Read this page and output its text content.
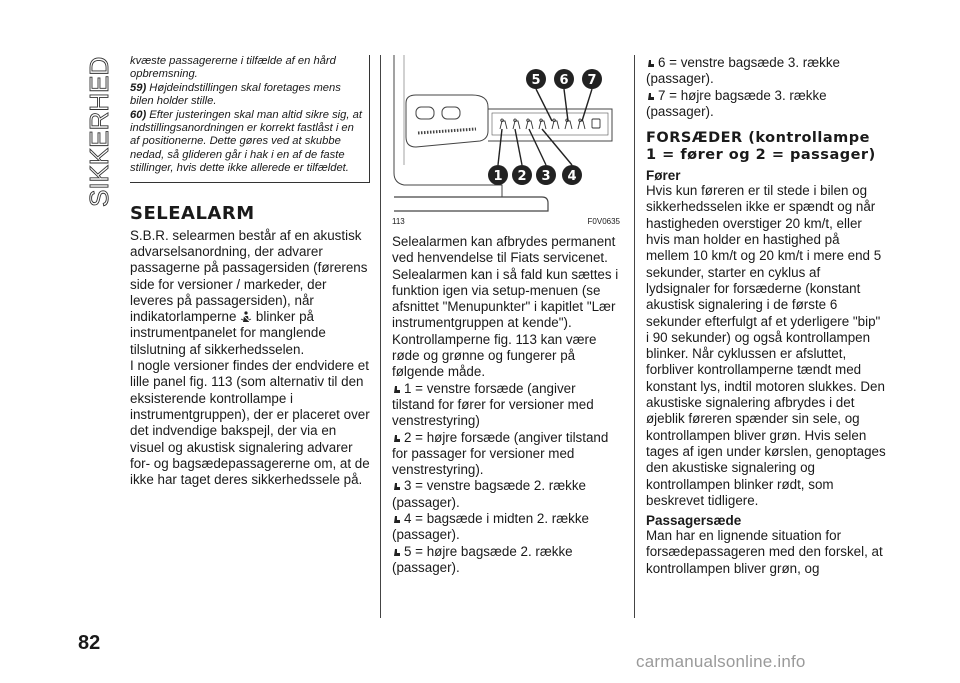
SIKKERHED
82

kvæste passagererne i tilfælde af en hård opbremsning.

59) Højdeindstillingen skal foretages mens bilen holder stille.

60) Efter justeringen skal man altid sikre sig, at indstillingsanordningen er korrekt fastlåst i en af positionerne. Dette gøres ved at skubbe nedad, så glideren går i hak i en af de faste stillinger, hvis dette ikke allerede er tilfældet.

SELEALARM

S.B.R. selearmen består af en akustisk advarselsanordning, der advarer passagerne på passagersiden (førerens side for versioner / markeder, der leveres på passagersiden), når indikatorlamperne blinker på instrumentpanelet for manglende tilslutning af sikkerhedsselen.

I nogle versioner findes der endvidere et lille panel fig. 113 (som alternativ til den eksisterende kontrollampe i instrumentgruppen), der er placeret over det indvendige bakspejl, der via en visuel og akustisk signalering advarer for- og bagsædepassagererne om, at de ikke har taget deres sikkerhedssele på.

5 6 7
1 2 3 4
113	F0V0635

Selealarmen kan afbrydes permanent ved henvendelse til Fiats servicenet.

Selealarmen kan i så fald kun sættes i funktion igen via setup-menuen (se afsnittet "Menupunkter" i kapitlet "Lær instrumentgruppen at kende").

Kontrollamperne fig. 113 kan være røde og grønne og fungerer på følgende måde.

1 = venstre forsæde (angiver tilstand for fører for versioner med venstrestyring)

2 = højre forsæde (angiver tilstand for passager for versioner med venstrestyring).

3 = venstre bagsæde 2. række (passager).

4 = bagsæde i midten 2. række (passager).

5 = højre bagsæde 2. række (passager).

6 = venstre bagsæde 3. række (passager).

7 = højre bagsæde 3. række (passager).

FORSÆDER (kontrollampe 1 = fører og 2 = passager)
Fører

Hvis kun føreren er til stede i bilen og sikkerhedsselen ikke er spændt og når hastigheden overstiger 20 km/t, eller hvis man holder en hastighed på mellem 10 km/t og 20 km/t i mere end 5 sekunder, starter en cyklus af lydsignaler for forsæderne (konstant akustisk signalering i de første 6 sekunder efterfulgt af et yderligere "bip" i 90 sekunder) og også kontrollampen blinker. Når cyklussen er afsluttet, forbliver kontrollamperne tændt med konstant lys, indtil motoren slukkes. Den akustiske signalering afbrydes i det øjeblik føreren spænder sin sele, og kontrollampen bliver grøn. Hvis selen tages af igen under kørslen, genoptages den akustiske signalering og kontrollampen blinker rødt, som beskrevet tidligere.

Passagersæde

Man har en lignende situation for forsædepassageren med den forskel, at kontrollampen bliver grøn, og

carmanualsonline.info
